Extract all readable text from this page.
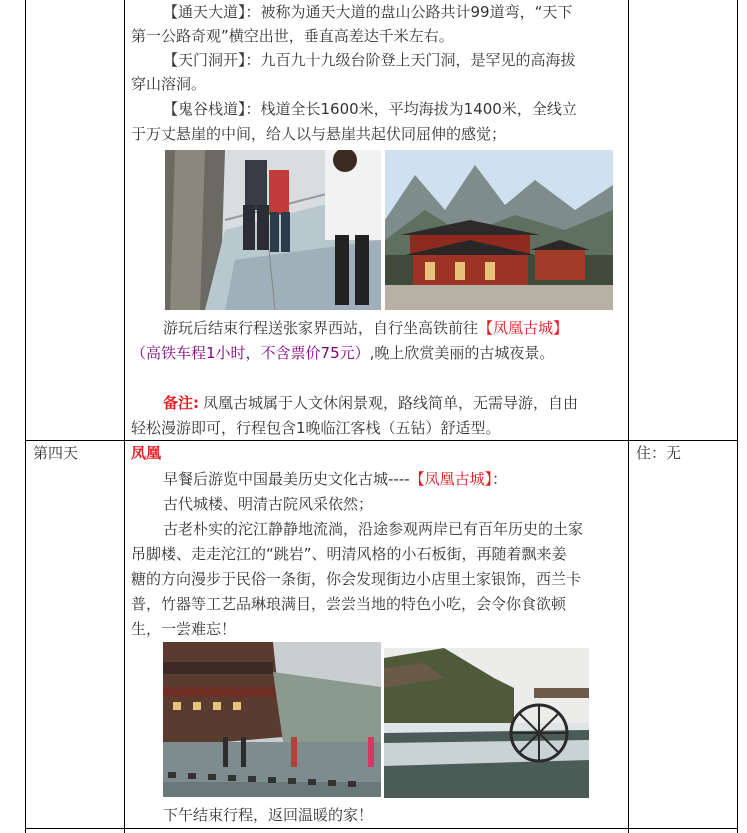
【通天大道】：被称为通天大道的盘山公路共计99道弯，“天下
第一公路奇观”横空出世，垂直高差达千米左右。
【天门洞开】：九百九十九级台阶登上天门洞，是罕见的高海拔
穿山溶洞。
【鬼谷栈道】：栈道全长1600米，平均海拔为1400米，全线立
于万丈悬崖的中间，给人以与悬崖共起伏同屈伸的感觉；
游玩后结束行程送张家界西站，自行坐高铁前往【凤凰古城】
（高铁车程1小时，不含票价75元）,晚上欣赏美丽的古城夜景。
备注: 凤凰古城属于人文休闲景观，路线简单，无需导游，自由
轻松漫游即可，行程包含1晚临江客栈（五钻）舒适型。
第四天	凤凰	住：无
早餐后游览中国最美历史文化古城----【凤凰古城】：
古代城楼、明清古院风采依然；
古老朴实的沱江静静地流淌，沿途参观两岸已有百年历史的土家
吊脚楼、走走沱江的“跳岩”、明清风格的小石板街，再随着飘来姜
糖的方向漫步于民俗一条街，你会发现街边小店里土家银饰，西兰卡
普，竹器等工艺品琳琅满目，尝尝当地的特色小吃，会令你食欲顿
生，一尝难忘！
下午结束行程，返回温暖的家！
